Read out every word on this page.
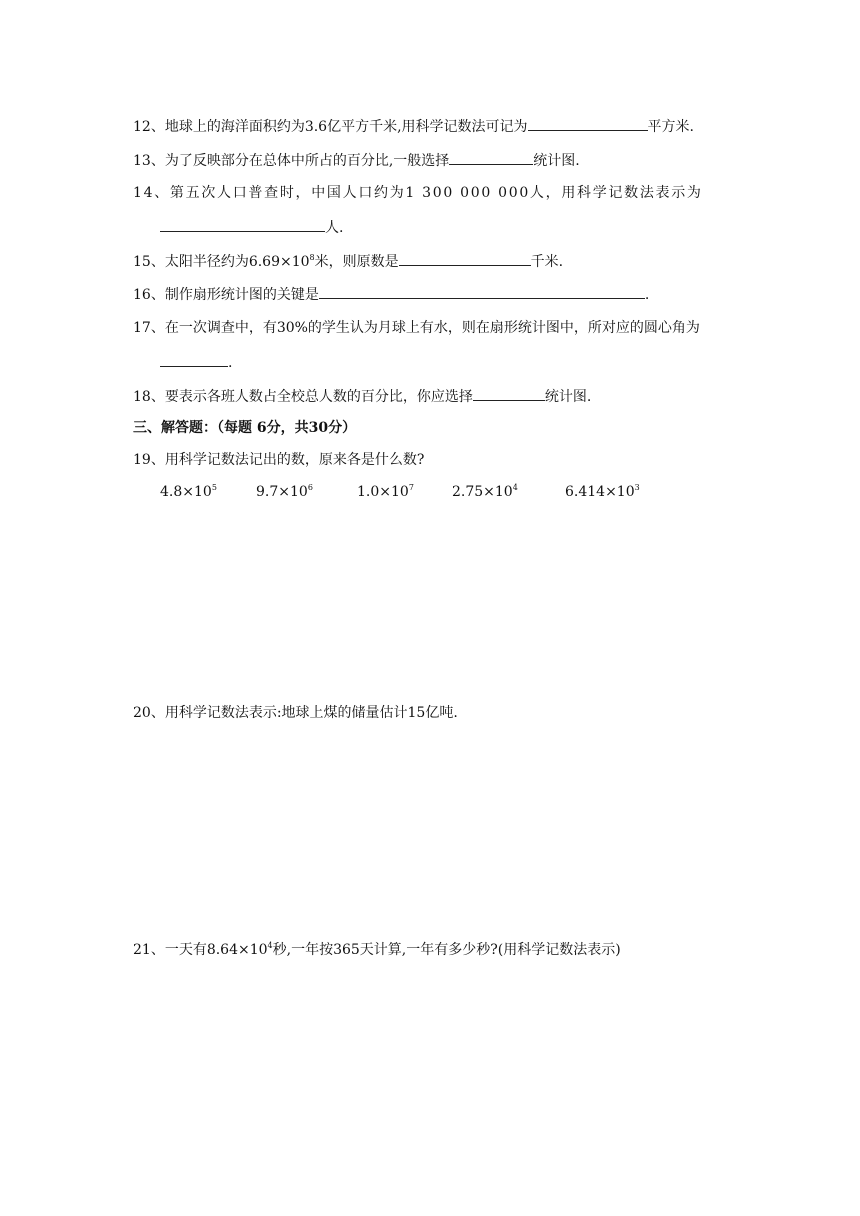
12、地球上的海洋面积约为3.6亿平方千米,用科学记数法可记为	平方米.
13、为了反映部分在总体中所占的百分比,一般选择	统计图.
14、第五次人口普查时，中国人口约为1 300 000 000人，用科学记数法表示为
人.
15、太阳半径约为$6.69\times 10^8$米，则原数是	千米.
16、制作扇形统计图的关键是	.
17、在一次调查中，有30%的学生认为月球上有水，则在扇形统计图中，所对应的圆心角为
.
18、要表示各班人数占全校总人数的百分比，你应选择	统计图.
三、解答题：（每题 6分，共30分）
19、用科学记数法记出的数，原来各是什么数?
$4.8\times 10^5$	$9.7\times 10^6$	$1.0\times 10^7$	$2.75\times 10^4$	$6.414\times 10^3$
20、用科学记数法表示:地球上煤的储量估计15亿吨.
21、一天有$8.64\times 10^4$秒,一年按365天计算,一年有多少秒?(用科学记数法表示)
